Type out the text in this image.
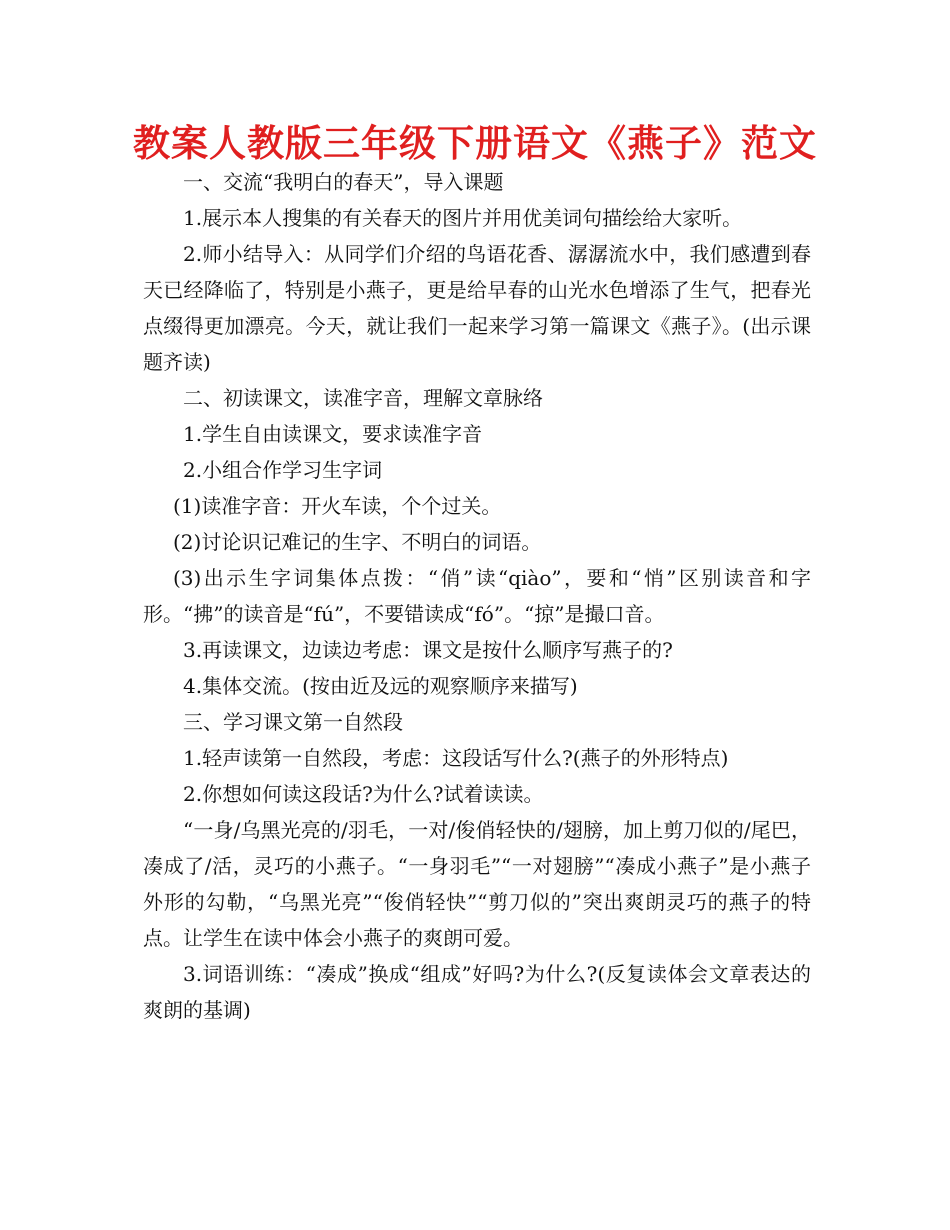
教案人教版三年级下册语文《燕子》范文

一、交流“我明白的春天”，导入课题

1.展示本人搜集的有关春天的图片并用优美词句描绘给大家听。

2.师小结导入：从同学们介绍的鸟语花香、潺潺流水中，我们感遭到春天已经降临了，特别是小燕子，更是给早春的山光水色增添了生气，把春光点缀得更加漂亮。今天，就让我们一起来学习第一篇课文《燕子》。(出示课题齐读)

二、初读课文，读准字音，理解文章脉络

1.学生自由读课文，要求读准字音

2.小组合作学习生字词

(1)读准字音：开火车读，个个过关。

(2)讨论识记难记的生字、不明白的词语。

(3)出示生字词集体点拨：“俏”读“qiào”，要和“悄”区别读音和字形。“拂”的读音是“fú”，不要错读成“fó”。“掠”是撮口音。

3.再读课文，边读边考虑：课文是按什么顺序写燕子的?

4.集体交流。(按由近及远的观察顺序来描写)

三、学习课文第一自然段

1.轻声读第一自然段，考虑：这段话写什么?(燕子的外形特点)

2.你想如何读这段话?为什么?试着读读。

“一身/乌黑光亮的/羽毛，一对/俊俏轻快的/翅膀，加上剪刀似的/尾巴，凑成了/活，灵巧的小燕子。“一身羽毛”“一对翅膀”“凑成小燕子”是小燕子外形的勾勒，“乌黑光亮”“俊俏轻快”“剪刀似的”突出爽朗灵巧的燕子的特点。让学生在读中体会小燕子的爽朗可爱。

3.词语训练：“凑成”换成“组成”好吗?为什么?(反复读体会文章表达的爽朗的基调)
